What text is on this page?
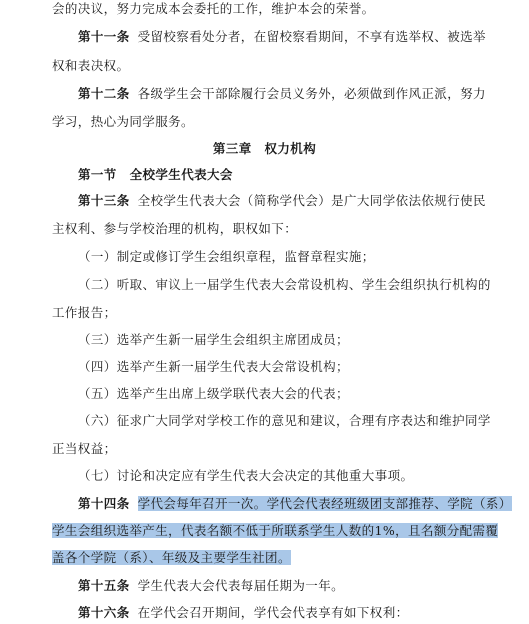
会的决议，努力完成本会委托的工作，维护本会的荣誉。
第十一条 受留校察看处分者，在留校察看期间，不享有选举权、被选举
权和表决权。
第十二条 各级学生会干部除履行会员义务外，必须做到作风正派，努力
学习，热心为同学服务。
第三章　权力机构
第一节　全校学生代表大会
第十三条 全校学生代表大会（简称学代会）是广大同学依法依规行使民
主权利、参与学校治理的机构，职权如下：
（一）制定或修订学生会组织章程，监督章程实施；
（二）听取、审议上一届学生代表大会常设机构、学生会组织执行机构的
工作报告；
（三）选举产生新一届学生会组织主席团成员；
（四）选举产生新一届学生代表大会常设机构；
（五）选举产生出席上级学联代表大会的代表；
（六）征求广大同学对学校工作的意见和建议，合理有序表达和维护同学
正当权益；
（七）讨论和决定应有学生代表大会决定的其他重大事项。
第十四条 学代会每年召开一次。学代会代表经班级团支部推荐、学院（系）
学生会组织选举产生，代表名额不低于所联系学生人数的1%，且名额分配需覆
盖各个学院（系）、年级及主要学生社团。
第十五条 学生代表大会代表每届任期为一年。
第十六条 在学代会召开期间，学代会代表享有如下权利：
